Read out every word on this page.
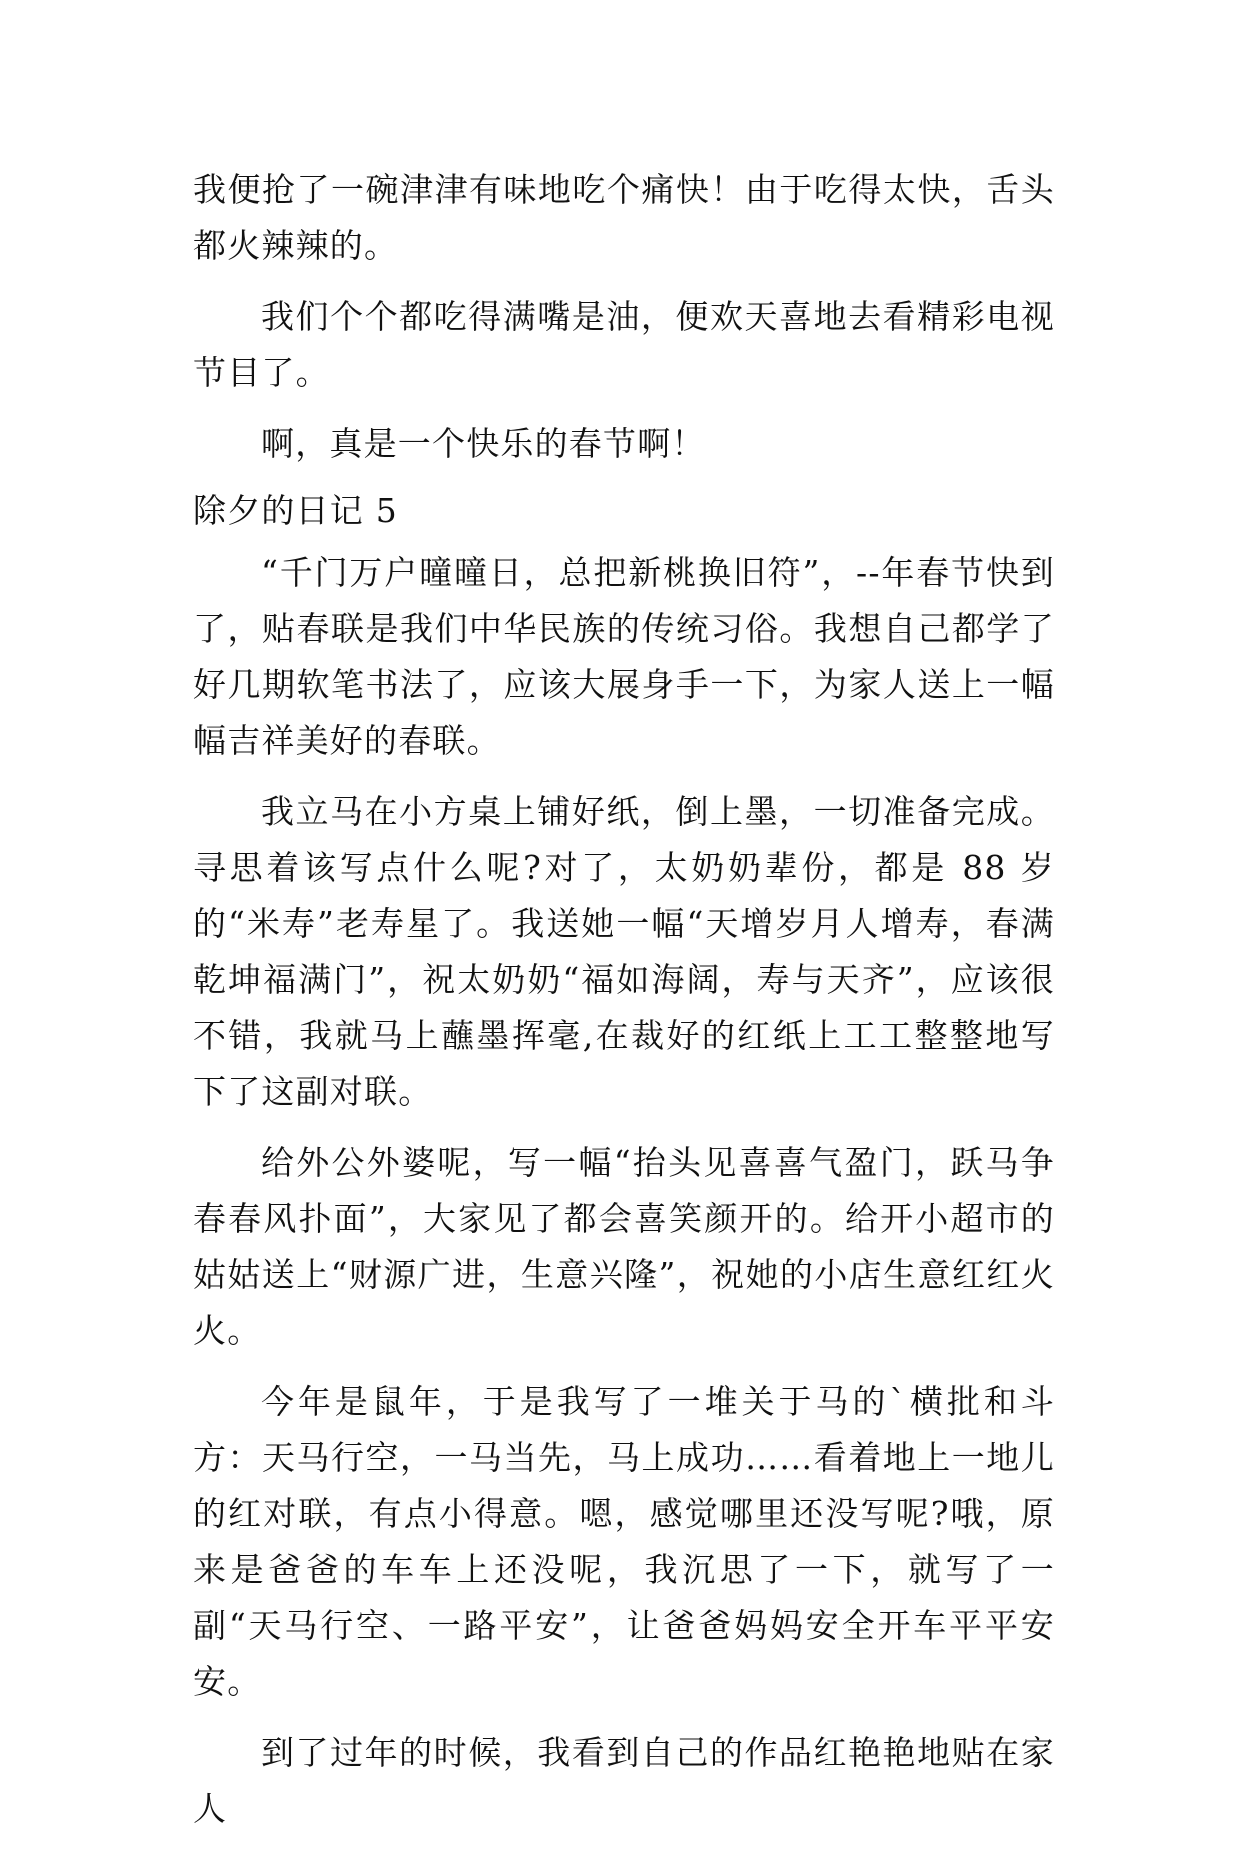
我便抢了一碗津津有味地吃个痛快！由于吃得太快，舌头都火辣辣的。

我们个个都吃得满嘴是油，便欢天喜地去看精彩电视节目了。

啊，真是一个快乐的春节啊！

除夕的日记 5

“千门万户曈曈日，总把新桃换旧符”，--年春节快到了，贴春联是我们中华民族的传统习俗。我想自己都学了好几期软笔书法了，应该大展身手一下，为家人送上一幅幅吉祥美好的春联。

我立马在小方桌上铺好纸，倒上墨，一切准备完成。寻思着该写点什么呢?对了，太奶奶辈份，都是 88 岁的“米寿”老寿星了。我送她一幅“天增岁月人增寿，春满乾坤福满门”，祝太奶奶“福如海阔，寿与天齐”，应该很不错，我就马上蘸墨挥毫,在裁好的红纸上工工整整地写下了这副对联。

给外公外婆呢，写一幅“抬头见喜喜气盈门，跃马争春春风扑面”，大家见了都会喜笑颜开的。给开小超市的姑姑送上“财源广进，生意兴隆”，祝她的小店生意红红火火。

今年是鼠年，于是我写了一堆关于马的`横批和斗方：天马行空，一马当先，马上成功……看着地上一地儿的红对联，有点小得意。嗯，感觉哪里还没写呢?哦，原来是爸爸的车车上还没呢，我沉思了一下，就写了一副“天马行空、一路平安”，让爸爸妈妈安全开车平平安安。

到了过年的时候，我看到自己的作品红艳艳地贴在家人
